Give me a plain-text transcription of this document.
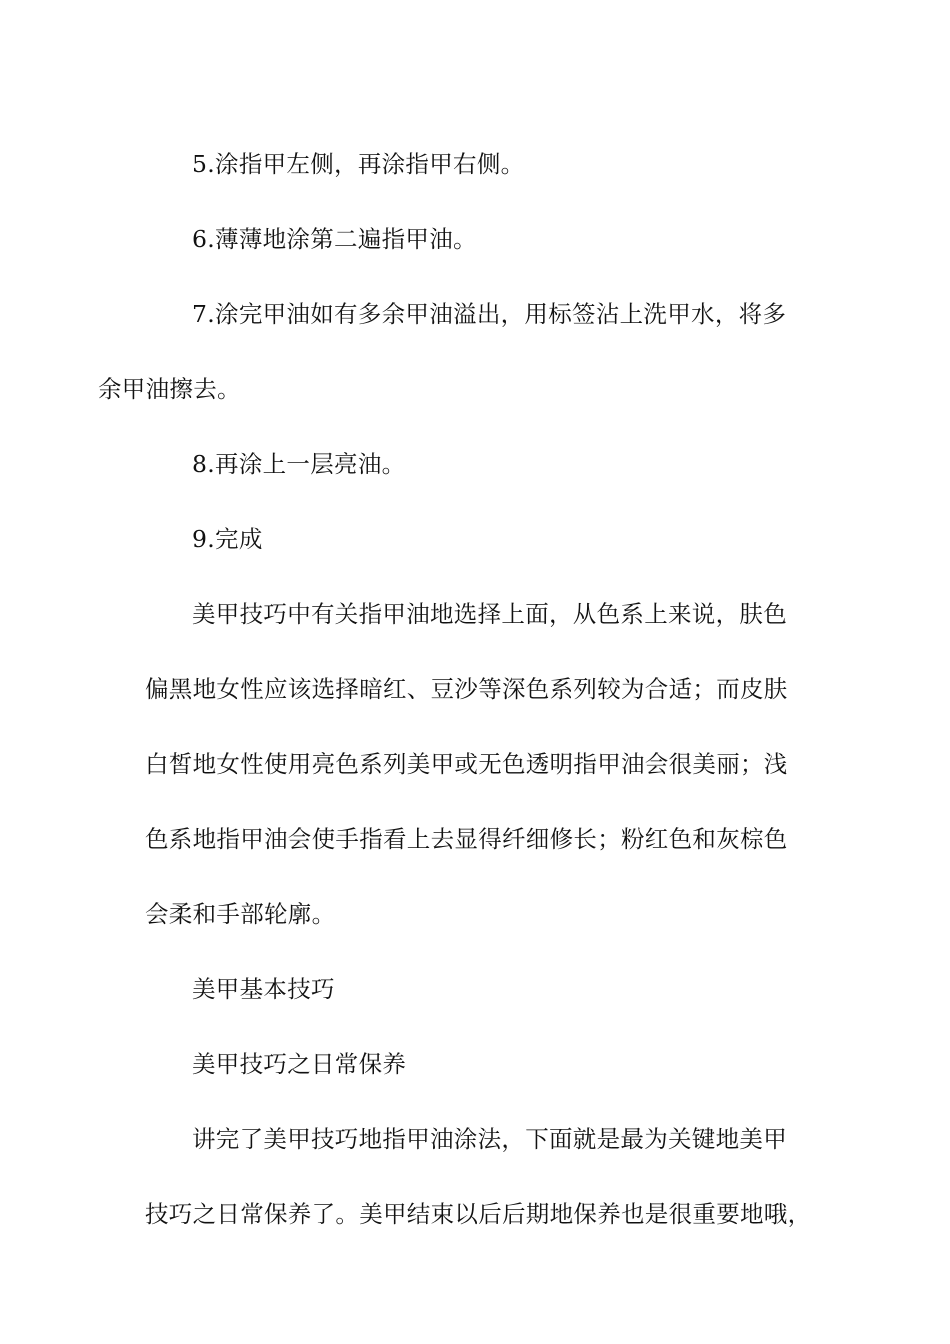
5.涂指甲左侧，再涂指甲右侧。

6.薄薄地涂第二遍指甲油。

7.涂完甲油如有多余甲油溢出，用标签沾上洗甲水，将多
余甲油擦去。

8.再涂上一层亮油。

9.完成

美甲技巧中有关指甲油地选择上面，从色系上来说，肤色
偏黑地女性应该选择暗红、豆沙等深色系列较为合适；而皮肤
白皙地女性使用亮色系列美甲或无色透明指甲油会很美丽；浅
色系地指甲油会使手指看上去显得纤细修长；粉红色和灰棕色
会柔和手部轮廓。

美甲基本技巧

美甲技巧之日常保养

讲完了美甲技巧地指甲油涂法，下面就是最为关键地美甲
技巧之日常保养了。美甲结束以后后期地保养也是很重要地哦，
